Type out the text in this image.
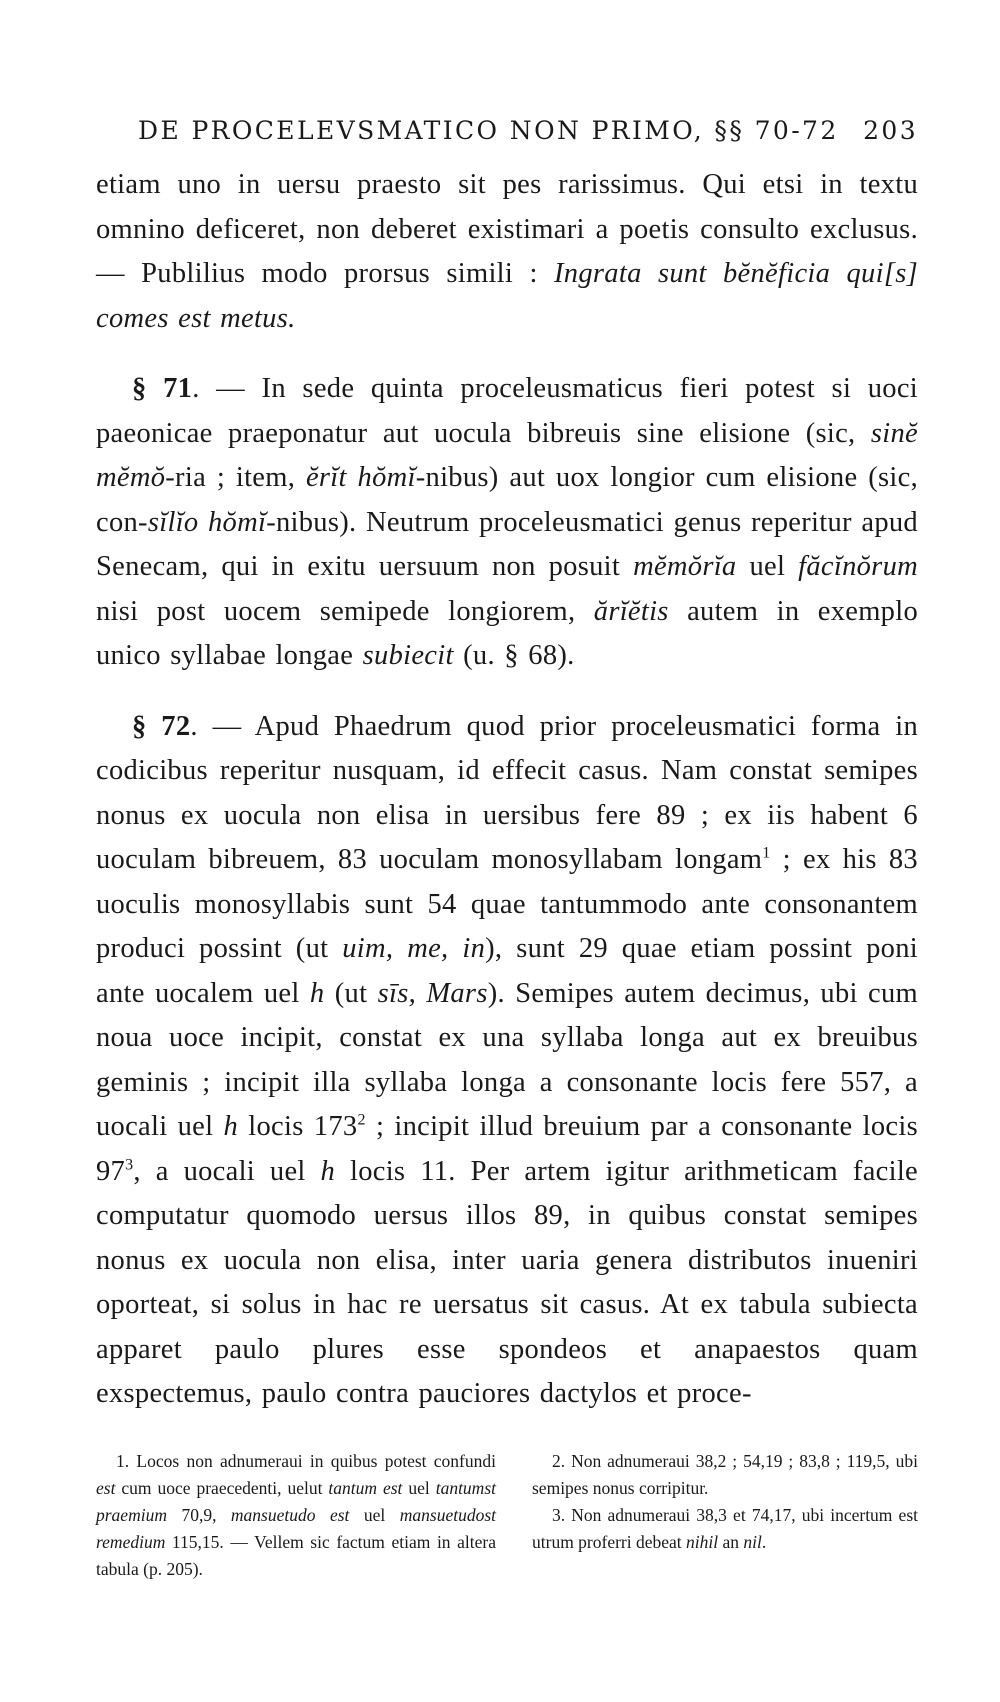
DE PROCELEVSMATICO NON PRIMO, §§ 70-72 203

etiam uno in uersu praesto sit pes rarissimus. Qui etsi in textu omnino deficeret, non deberet existimari a poetis consulto exclusus. — Publilius modo prorsus simili : Ingrata sunt bĕnĕficia qui[s] comes est metus.

§ 71. — In sede quinta proceleusmaticus fieri potest si uoci paeonicae praeponatur aut uocula bibreuis sine elisione (sic, sinĕ mĕmŏ-ria ; item, ĕrĭt hŏmĭ-nibus) aut uox longior cum elisione (sic, con-sĭlĭo hŏmĭ-nibus). Neutrum proceleusmatici genus reperitur apud Senecam, qui in exitu uersuum non posuit mĕmŏrĭa uel făcĭnŏrum nisi post uocem semipede longiorem, ărĭĕtis autem in exemplo unico syllabae longae subiecit (u. § 68).

§ 72. — Apud Phaedrum quod prior proceleusmatici forma in codicibus reperitur nusquam, id effecit casus. Nam constat semipes nonus ex uocula non elisa in uersibus fere 89 ; ex iis habent 6 uoculam bibreuem, 83 uoculam monosyllabam longam$^1$ ; ex his 83 uoculis monosyllabis sunt 54 quae tantummodo ante consonantem produci possint (ut uim, me, in), sunt 29 quae etiam possint poni ante uocalem uel h (ut sīs, Mars). Semipes autem decimus, ubi cum noua uoce incipit, constat ex una syllaba longa aut ex breuibus geminis ; incipit illa syllaba longa a consonante locis fere 557, a uocali uel h locis $173^2$ ; incipit illud breuium par a consonante locis $97^3$, a uocali uel h locis 11. Per artem igitur arithmeticam facile computatur quomodo uersus illos 89, in quibus constat semipes nonus ex uocula non elisa, inter uaria genera distributos inueniri oporteat, si solus in hac re uersatus sit casus. At ex tabula subiecta apparet paulo plures esse spondeos et anapaestos quam exspectemus, paulo contra pauciores dactylos et proce-

1. Locos non adnumeraui in quibus potest confundi est cum uoce praecedenti, uelut tantum est uel tantumst praemium 70,9, mansuetudo est uel mansuetudost remedium 115,15. — Vellem sic factum etiam in altera tabula (p. 205).

2. Non adnumeraui 38,2 ; 54,19 ; 83,8 ; 119,5, ubi semipes nonus corripitur.

3. Non adnumeraui 38,3 et 74,17, ubi incertum est utrum proferri debeat nihil an nil.
